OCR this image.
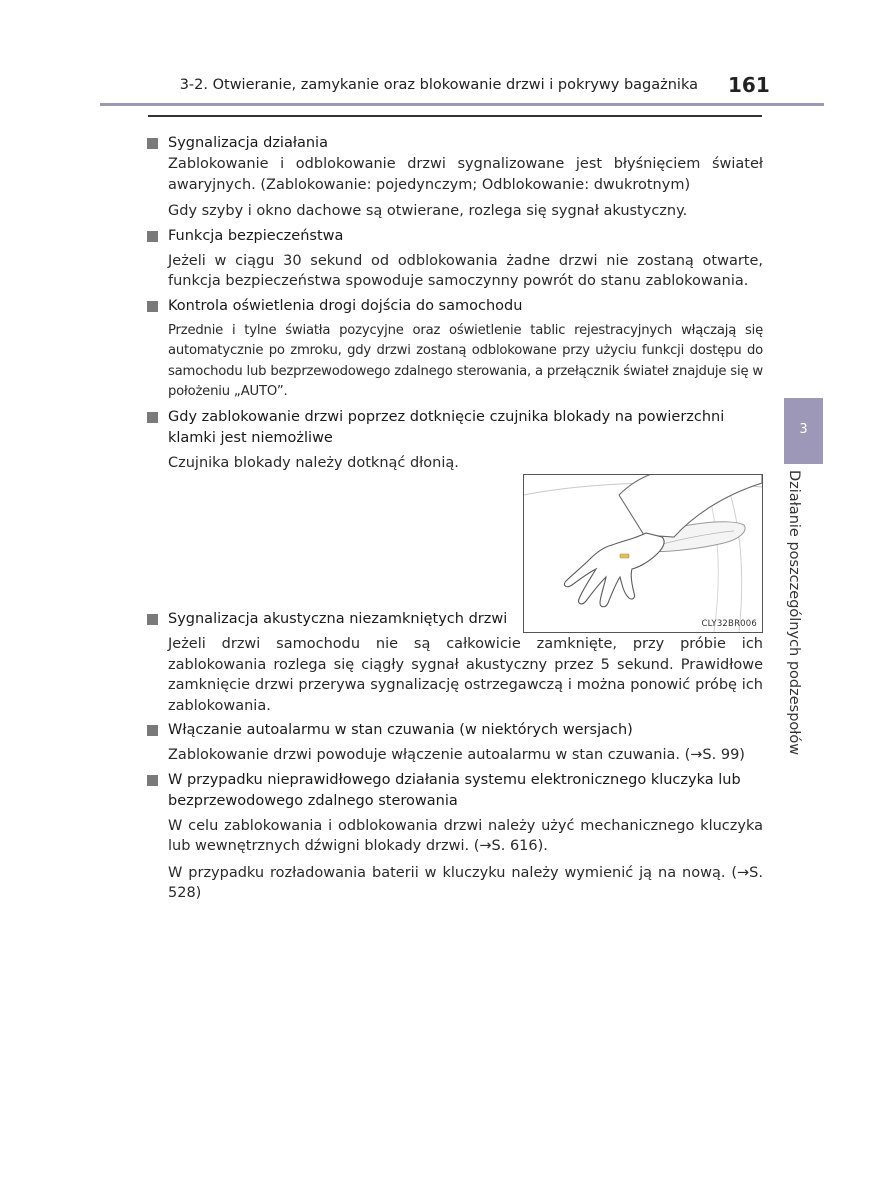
3-2. Otwieranie, zamykanie oraz blokowanie drzwi i pokrywy bagażnika 161
3
Działanie poszczególnych podzespołów
Sygnalizacja działania
Zablokowanie i odblokowanie drzwi sygnalizowane jest błyśnięciem świateł awaryjnych. (Zablokowanie: pojedynczym; Odblokowanie: dwukrotnym)
Gdy szyby i okno dachowe są otwierane, rozlega się sygnał akustyczny.
Funkcja bezpieczeństwa
Jeżeli w ciągu 30 sekund od odblokowania żadne drzwi nie zostaną otwarte, funkcja bezpieczeństwa spowoduje samoczynny powrót do stanu zablokowania.
Kontrola oświetlenia drogi dojścia do samochodu
Przednie i tylne światła pozycyjne oraz oświetlenie tablic rejestracyjnych włączają się automatycznie po zmroku, gdy drzwi zostaną odblokowane przy użyciu funkcji dostępu do samochodu lub bezprzewodowego zdalnego sterowania, a przełącznik świateł znajduje się w położeniu „AUTO”.
Gdy zablokowanie drzwi poprzez dotknięcie czujnika blokady na powierzchni klamki jest niemożliwe
Czujnika blokady należy dotknąć dłonią.
Sygnalizacja akustyczna niezamkniętych drzwi
Jeżeli drzwi samochodu nie są całkowicie zamknięte, przy próbie ich zablokowania rozlega się ciągły sygnał akustyczny przez 5 sekund. Prawidłowe zamknięcie drzwi przerywa sygnalizację ostrzegawczą i można ponowić próbę ich zablokowania.
Włączanie autoalarmu w stan czuwania (w niektórych wersjach)
Zablokowanie drzwi powoduje włączenie autoalarmu w stan czuwania. (→S. 99)
W przypadku nieprawidłowego działania systemu elektronicznego kluczyka lub bezprzewodowego zdalnego sterowania
W celu zablokowania i odblokowania drzwi należy użyć mechanicznego kluczyka lub wewnętrznych dźwigni blokady drzwi. (→S. 616).
W przypadku rozładowania baterii w kluczyku należy wymienić ją na nową. (→S. 528)
CLY32BR006
